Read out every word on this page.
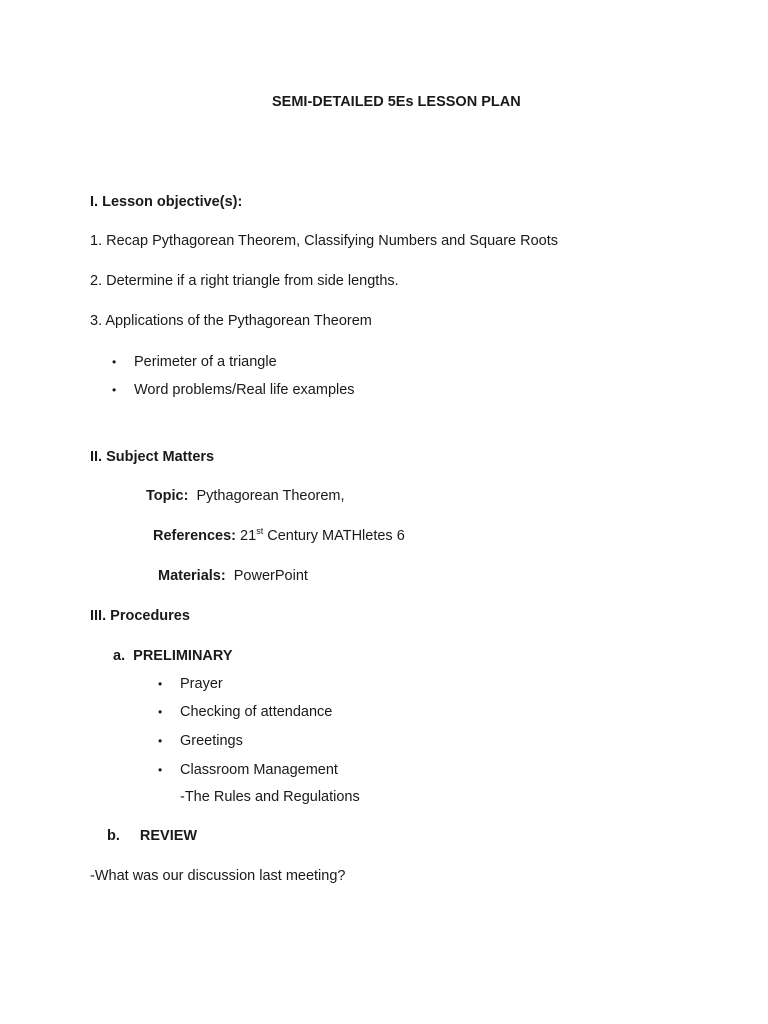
SEMI-DETAILED 5Es LESSON PLAN
I. Lesson objective(s):
1. Recap Pythagorean Theorem, Classifying Numbers and Square Roots
2. Determine if a right triangle from side lengths.
3. Applications of the Pythagorean Theorem
• Perimeter of a triangle
• Word problems/Real life examples
II. Subject Matters
Topic: Pythagorean Theorem,
References: 21st Century MATHletes 6
Materials: PowerPoint
III. Procedures
a. PRELIMINARY
• Prayer
• Checking of attendance
• Greetings
• Classroom Management
-The Rules and Regulations
b. REVIEW
-What was our discussion last meeting?
